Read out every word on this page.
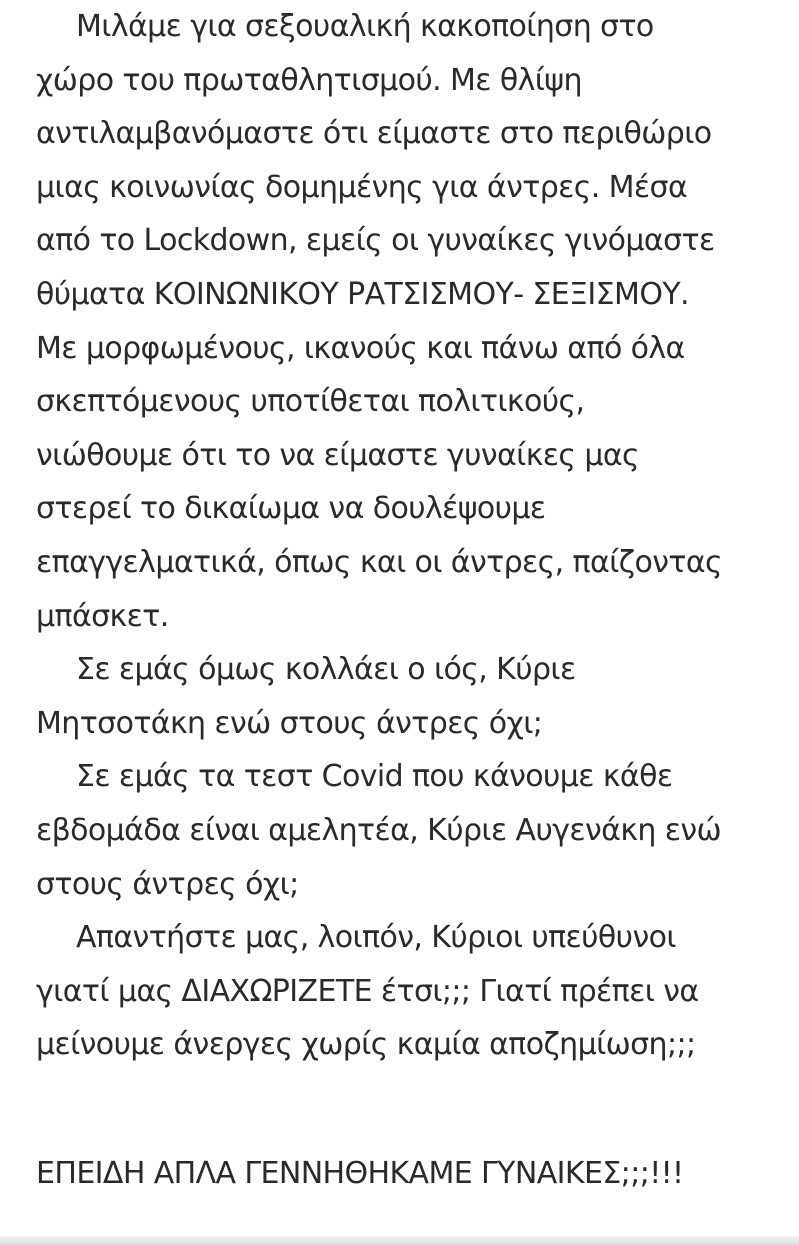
Μιλάμε για σεξουαλική κακοποίηση στο
χώρο του πρωταθλητισμού. Με θλίψη
αντιλαμβανόμαστε ότι είμαστε στο περιθώριο
μιας κοινωνίας δομημένης για άντρες. Μέσα
από το Lockdown, εμείς οι γυναίκες γινόμαστε
θύματα ΚΟΙΝΩΝΙΚΟΥ ΡΑΤΣΙΣΜΟΥ- ΣΕΞΙΣΜΟΥ.
Με μορφωμένους, ικανούς και πάνω από όλα
σκεπτόμενους υποτίθεται πολιτικούς,
νιώθουμε ότι το να είμαστε γυναίκες μας
στερεί το δικαίωμα να δουλέψουμε
επαγγελματικά, όπως και οι άντρες, παίζοντας
μπάσκετ.
Σε εμάς όμως κολλάει ο ιός, Κύριε
Μητσοτάκη ενώ στους άντρες όχι;
Σε εμάς τα τεστ Covid που κάνουμε κάθε
εβδομάδα είναι αμελητέα, Κύριε Αυγενάκη ενώ
στους άντρες όχι;
Απαντήστε μας, λοιπόν, Κύριοι υπεύθυνοι
γιατί μας ΔΙΑΧΩΡΙΖΕΤΕ έτσι;;; Γιατί πρέπει να
μείνουμε άνεργες χωρίς καμία αποζημίωση;;;
ΕΠΕΙΔΗ ΑΠΛΑ ΓΕΝΝΗΘΗΚΑΜΕ ΓΥΝΑΙΚΕΣ;;;!!!
